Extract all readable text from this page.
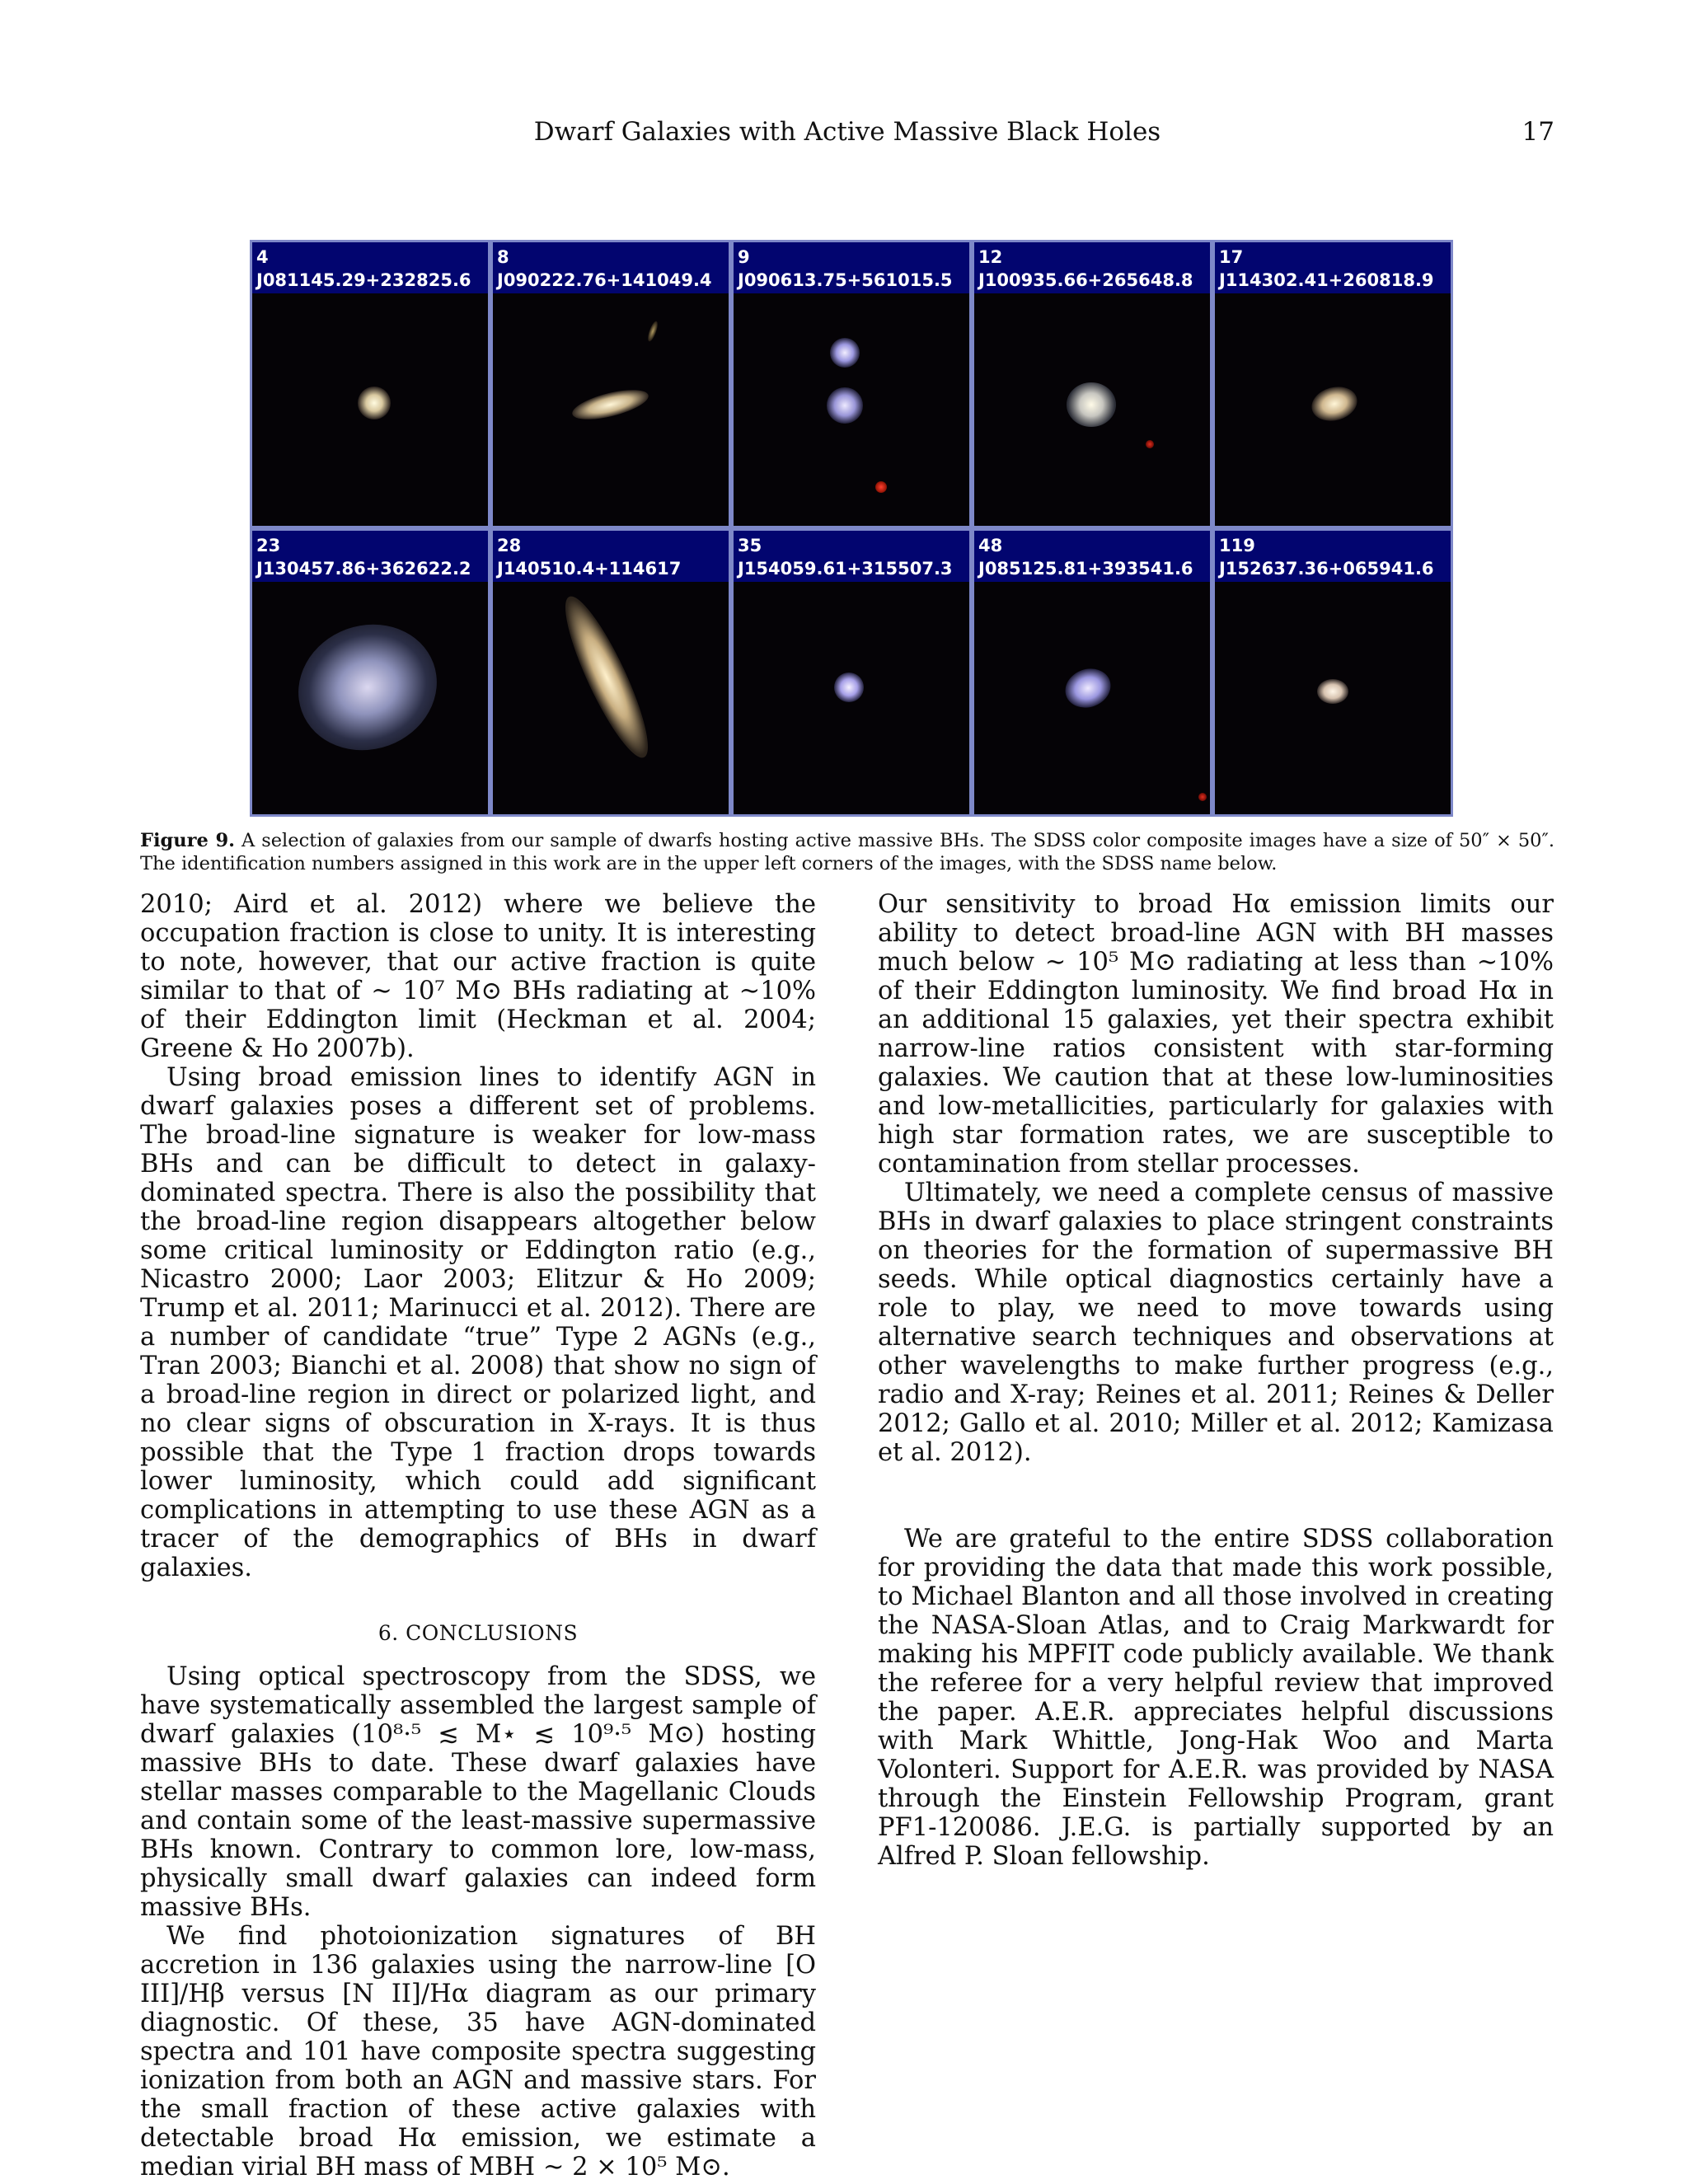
Dwarf Galaxies with Active Massive Black Holes	17
4
J081145.29+232825.6
8
J090222.76+141049.4
9
J090613.75+561015.5
12
J100935.66+265648.8
17
J114302.41+260818.9
23
J130457.86+362622.2
28
J140510.4+114617
35
J154059.61+315507.3
48
J085125.81+393541.6
119
J152637.36+065941.6
Figure 9. A selection of galaxies from our sample of dwarfs hosting active massive BHs. The SDSS color composite images have a size of 50″ × 50″. The identification numbers assigned in this work are in the upper left corners of the images, with the SDSS name below.

2010; Aird et al. 2012) where we believe the occupation fraction is close to unity. It is interesting to note, however, that our active fraction is quite similar to that of ∼ 10⁷ M⊙ BHs radiating at ∼10% of their Eddington limit (Heckman et al. 2004; Greene & Ho 2007b).

Using broad emission lines to identify AGN in dwarf galaxies poses a different set of problems. The broad-line signature is weaker for low-mass BHs and can be difficult to detect in galaxy-dominated spectra. There is also the possibility that the broad-line region disappears altogether below some critical luminosity or Eddington ratio (e.g., Nicastro 2000; Laor 2003; Elitzur & Ho 2009; Trump et al. 2011; Marinucci et al. 2012). There are a number of candidate “true” Type 2 AGNs (e.g., Tran 2003; Bianchi et al. 2008) that show no sign of a broad-line region in direct or polarized light, and no clear signs of obscuration in X-rays. It is thus possible that the Type 1 fraction drops towards lower luminosity, which could add significant complications in attempting to use these AGN as a tracer of the demographics of BHs in dwarf galaxies.

6. CONCLUSIONS

Using optical spectroscopy from the SDSS, we have systematically assembled the largest sample of dwarf galaxies (10⁸·⁵ ≲ M⋆ ≲ 10⁹·⁵ M⊙) hosting massive BHs to date. These dwarf galaxies have stellar masses comparable to the Magellanic Clouds and contain some of the least-massive supermassive BHs known. Contrary to common lore, low-mass, physically small dwarf galaxies can indeed form massive BHs.

We find photoionization signatures of BH accretion in 136 galaxies using the narrow-line [O III]/Hβ versus [N II]/Hα diagram as our primary diagnostic. Of these, 35 have AGN-dominated spectra and 101 have composite spectra suggesting ionization from both an AGN and massive stars. For the small fraction of these active galaxies with detectable broad Hα emission, we estimate a median virial BH mass of MBH ∼ 2 × 10⁵ M⊙.

Our sensitivity to broad Hα emission limits our ability to detect broad-line AGN with BH masses much below ∼ 10⁵ M⊙ radiating at less than ∼10% of their Eddington luminosity. We find broad Hα in an additional 15 galaxies, yet their spectra exhibit narrow-line ratios consistent with star-forming galaxies. We caution that at these low-luminosities and low-metallicities, particularly for galaxies with high star formation rates, we are susceptible to contamination from stellar processes.

Ultimately, we need a complete census of massive BHs in dwarf galaxies to place stringent constraints on theories for the formation of supermassive BH seeds. While optical diagnostics certainly have a role to play, we need to move towards using alternative search techniques and observations at other wavelengths to make further progress (e.g., radio and X-ray; Reines et al. 2011; Reines & Deller 2012; Gallo et al. 2010; Miller et al. 2012; Kamizasa et al. 2012).

We are grateful to the entire SDSS collaboration for providing the data that made this work possible, to Michael Blanton and all those involved in creating the NASA-Sloan Atlas, and to Craig Markwardt for making his MPFIT code publicly available. We thank the referee for a very helpful review that improved the paper. A.E.R. appreciates helpful discussions with Mark Whittle, Jong-Hak Woo and Marta Volonteri. Support for A.E.R. was provided by NASA through the Einstein Fellowship Program, grant PF1-120086. J.E.G. is partially supported by an Alfred P. Sloan fellowship.
